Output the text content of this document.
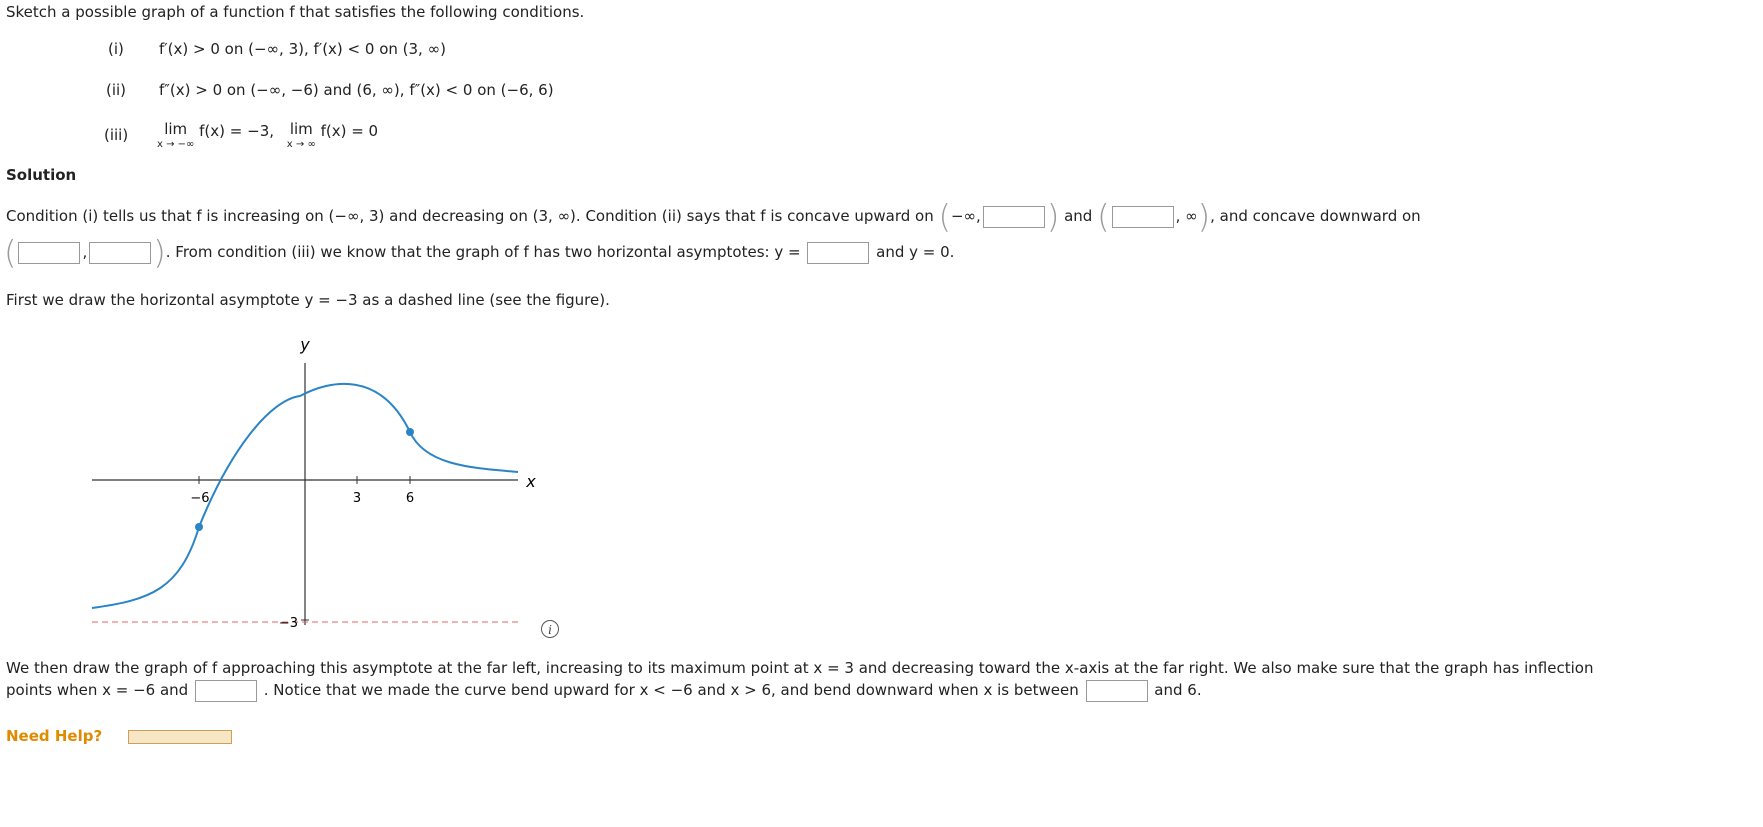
Sketch a possible graph of a function f that satisfies the following conditions.
(i) f′(x) > 0 on (−∞, 3), f′(x) < 0 on (3, ∞)
(ii) f″(x) > 0 on (−∞, −6) and (6, ∞), f″(x) < 0 on (−6, 6)
(iii)	lim
x → −∞
f(x) = −3, lim
x → ∞
f(x) = 0
Solution
Condition (i) tells us that f is increasing on (−∞, 3) and decreasing on (3, ∞). Condition (ii) says that f is concave upward on (−∞, ) and (	, ∞), and concave downward on
(	, ). From condition (iii) we know that the graph of f has two horizontal asymptotes: y =	and y = 0.
First we draw the horizontal asymptote y = −3 as a dashed line (see the figure).
y
x
−6	3	6
−3	i
We then draw the graph of f approaching this asymptote at the far left, increasing to its maximum point at x = 3 and decreasing toward the x-axis at the far right. We also make sure that the graph has inflection
points when x = −6 and	. Notice that we made the curve bend upward for x < −6 and x > 6, and bend downward when x is between	and 6.
Need Help?
